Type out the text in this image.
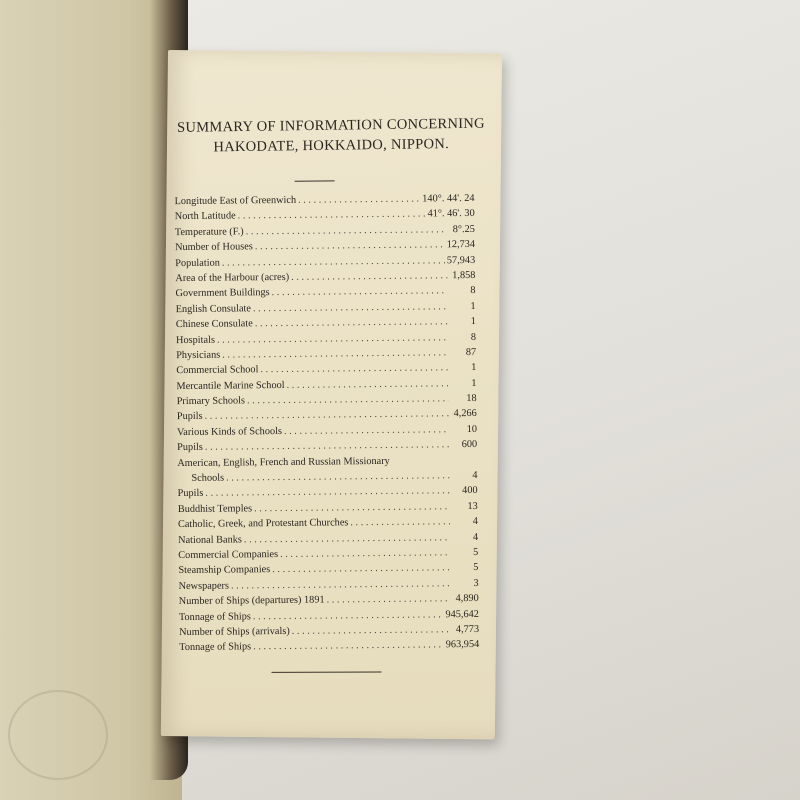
SUMMARY OF INFORMATION CONCERNING
HAKODATE, HOKKAIDO, NIPPON.
Longitude East of Greenwich . . .	140°. 44'. 24
North Latitude . . .	41°. 46'. 30
Temperature (F.) . . .	8°.25
Number of Houses . . .	12,734
Population . . .	57,943
Area of the Harbour (acres) . . .	1,858
Government Buildings . . .	8
English Consulate . . .	1
Chinese Consulate . . .	1
Hospitals . . .	8
Physicians . . .	87
Commercial School . . .	1
Mercantile Marine School . . .	1
Primary Schools . . .	18
Pupils . . .	4,266
Various Kinds of Schools . . .	10
Pupils . . .	600
American, English, French and Russian Missionary
Schools . . .	4
Pupils . . .	400
Buddhist Temples . . .	13
Catholic, Greek, and Protestant Churches . . .	4
National Banks . . .	4
Commercial Companies . . .	5
Steamship Companies . . .	5
Newspapers . . .	3
Number of Ships (departures) 1891 . . .	4,890
Tonnage of Ships . . .	945,642
Number of Ships (arrivals) . . .	4,773
Tonnage of Ships . . .	963,954
